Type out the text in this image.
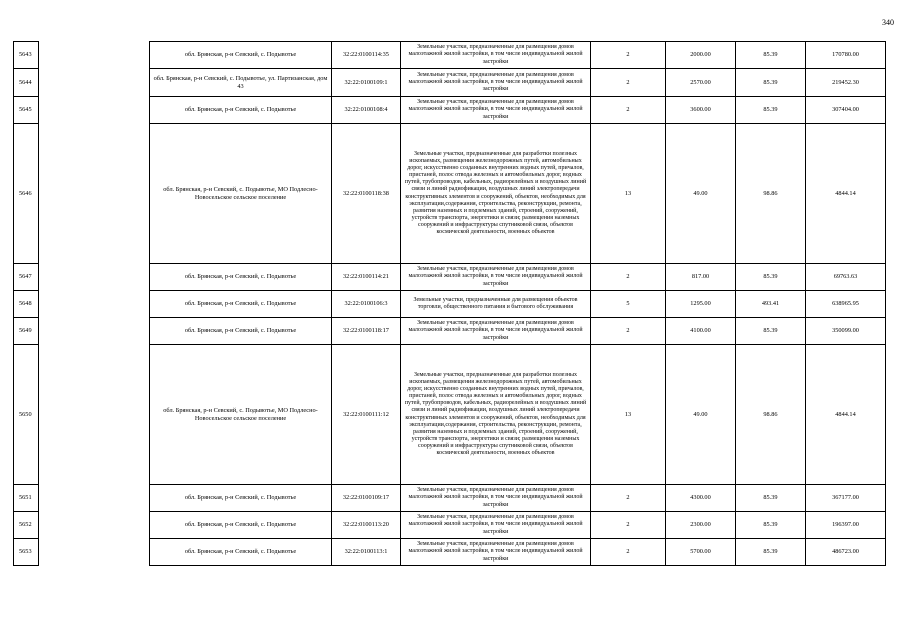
340
5643		обл. Брянская, р-н Севский, с. Подывотье	32:22:0100114:35	Земельные участки, предназначенные для размещения домов малоэтажной жилой застройки, в том числе индивидуальной жилой застройки	2	2000.00	85.39	170780.00
5644		обл. Брянская, р-н Севский, с. Подывотье, ул. Партизанская, дом 43	32:22:0100109:1	Земельные участки, предназначенные для размещения домов малоэтажной жилой застройки, в том числе индивидуальной жилой застройки	2	2570.00	85.39	219452.30
5645		обл. Брянская, р-н Севский, с. Подывотье	32:22:0100108:4	Земельные участки, предназначенные для размещения домов малоэтажной жилой застройки, в том числе индивидуальной жилой застройки	2	3600.00	85.39	307404.00
5646		обл. Брянская, р-н Севский, с. Подывотье, МО Подлесно-Новосельское сельское поселение	32:22:0100118:38	Земельные участки, предназначенные для разработки полезных ископаемых, размещения железнодорожных путей, автомобильных дорог, искусственно созданных внутренних водных путей, причалов, пристаней, полос отвода железных и автомобильных дорог, водных путей, трубопроводов, кабельных, радиорелейных и воздушных линий связи и линий радиофикации, воздушных линий электропередачи конструктивных элементов и сооружений, объектов, необходимых для эксплуатации,содержания, строительства, реконструкции, ремонта, развития наземных и подземных зданий, строений, сооружений, устройств транспорта, энергетики и связи; размещения наземных сооружений и инфраструктуры спутниковой связи, объектов космической деятельности, военных объектов	13	49.00	98.86	4844.14
5647		обл. Брянская, р-н Севский, с. Подывотье	32:22:0100114:21	Земельные участки, предназначенные для размещения домов малоэтажной жилой застройки, в том числе индивидуальной жилой застройки	2	817.00	85.39	69763.63
5648		обл. Брянская, р-н Севский, с. Подывотье	32:22:0100106:3	Земельные участки, предназначенные для размещения объектов торговли, общественного питания и бытового обслуживания	5	1295.00	493.41	638965.95
5649		обл. Брянская, р-н Севский, с. Подывотье	32:22:0100118:17	Земельные участки, предназначенные для размещения домов малоэтажной жилой застройки, в том числе индивидуальной жилой застройки	2	4100.00	85.39	350099.00
5650		обл. Брянская, р-н Севский, с. Подывотье, МО Подлесно-Новосельское сельское поселение	32:22:0100111:12	Земельные участки, предназначенные для разработки полезных ископаемых, размещения железнодорожных путей, автомобильных дорог, искусственно созданных внутренних водных путей, причалов, пристаней, полос отвода железных и автомобильных дорог, водных путей, трубопроводов, кабельных, радиорелейных и воздушных линий связи и линий радиофикации, воздушных линий электропередачи конструктивных элементов и сооружений, объектов, необходимых для эксплуатации,содержания, строительства, реконструкции, ремонта, развития наземных и подземных зданий, строений, сооружений, устройств транспорта, энергетики и связи; размещения наземных сооружений и инфраструктуры спутниковой связи, объектов космической деятельности, военных объектов	13	49.00	98.86	4844.14
5651		обл. Брянская, р-н Севский, с. Подывотье	32:22:0100109:17	Земельные участки, предназначенные для размещения домов малоэтажной жилой застройки, в том числе индивидуальной жилой застройки	2	4300.00	85.39	367177.00
5652		обл. Брянская, р-н Севский, с. Подывотье	32:22:0100113:20	Земельные участки, предназначенные для размещения домов малоэтажной жилой застройки, в том числе индивидуальной жилой застройки	2	2300.00	85.39	196397.00
5653		обл. Брянская, р-н Севский, с. Подывотье	32:22:0100113:1	Земельные участки, предназначенные для размещения домов малоэтажной жилой застройки, в том числе индивидуальной жилой застройки	2	5700.00	85.39	486723.00
